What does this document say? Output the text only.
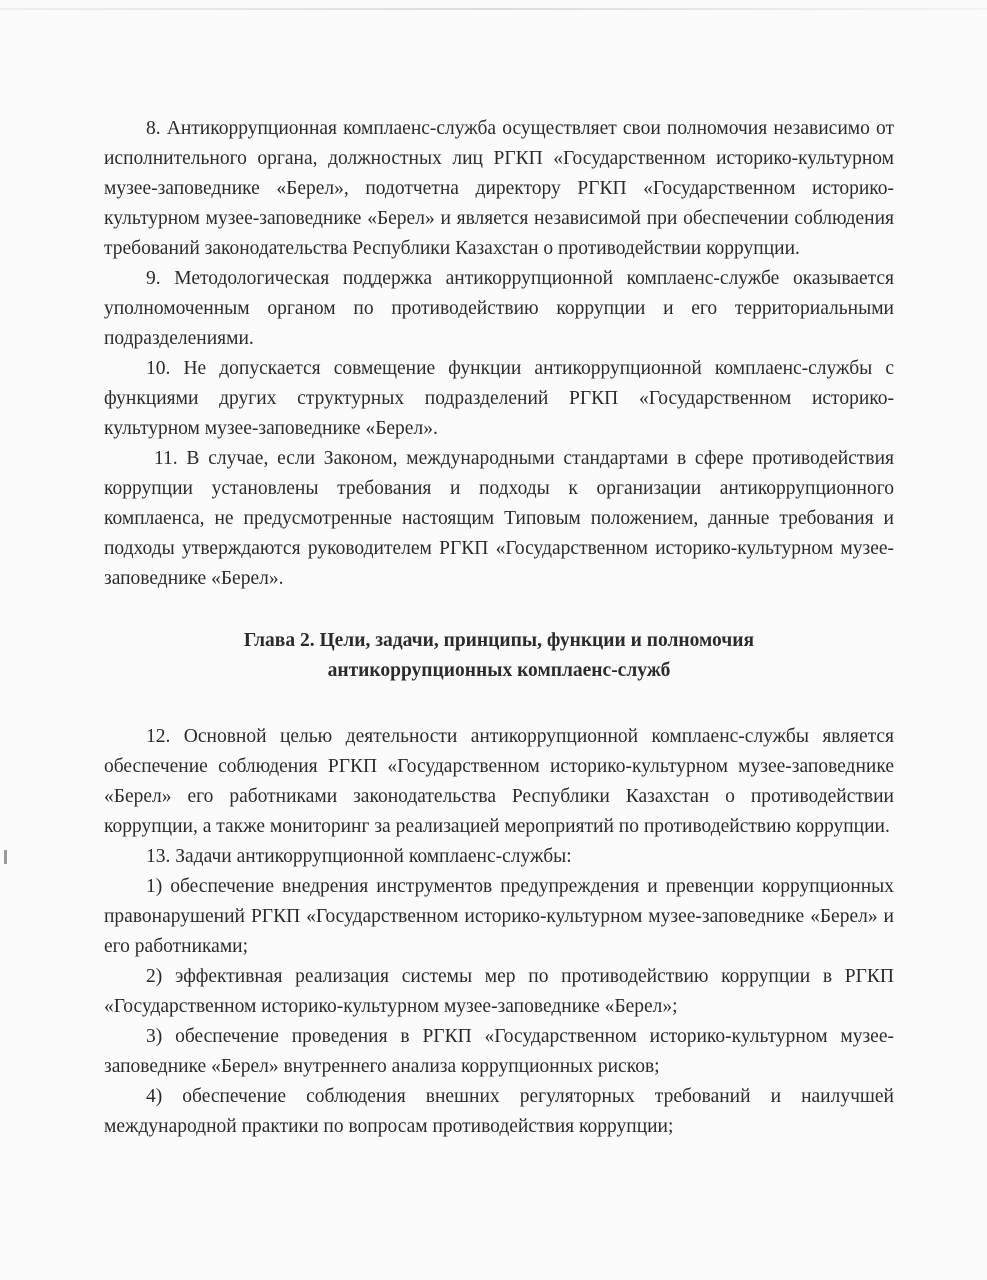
8. Антикоррупционная комплаенс-служба осуществляет свои полномочия независимо от исполнительного органа, должностных лиц РГКП «Государственном историко-культурном музее-заповеднике «Берел», подотчетна директору РГКП «Государственном историко-культурном музее-заповеднике «Берел» и является независимой при обеспечении соблюдения требований законодательства Республики Казахстан о противодействии коррупции.

9. Методологическая поддержка антикоррупционной комплаенс-службе оказывается уполномоченным органом по противодействию коррупции и его территориальными подразделениями.

10. Не допускается совмещение функции антикоррупционной комплаенс-службы с функциями других структурных подразделений РГКП «Государственном историко-культурном музее-заповеднике «Берел».

11. В случае, если Законом, международными стандартами в сфере противодействия коррупции установлены требования и подходы к организации антикоррупционного комплаенса, не предусмотренные настоящим Типовым положением, данные требования и подходы утверждаются руководителем РГКП «Государственном историко-культурном музее-заповеднике «Берел».

Глава 2. Цели, задачи, принципы, функции и полномочия

антикоррупционных комплаенс-служб

12. Основной целью деятельности антикоррупционной комплаенс-службы является обеспечение соблюдения РГКП «Государственном историко-культурном музее-заповеднике «Берел» его работниками законодательства Республики Казахстан о противодействии коррупции, а также мониторинг за реализацией мероприятий по противодействию коррупции.

13. Задачи антикоррупционной комплаенс-службы:

1) обеспечение внедрения инструментов предупреждения и превенции коррупционных правонарушений РГКП «Государственном историко-культурном музее-заповеднике «Берел» и его работниками;

2) эффективная реализация системы мер по противодействию коррупции в РГКП «Государственном историко-культурном музее-заповеднике «Берел»;

3) обеспечение проведения в РГКП «Государственном историко-культурном музее-заповеднике «Берел» внутреннего анализа коррупционных рисков;

4) обеспечение соблюдения внешних регуляторных требований и наилучшей международной практики по вопросам противодействия коррупции;
